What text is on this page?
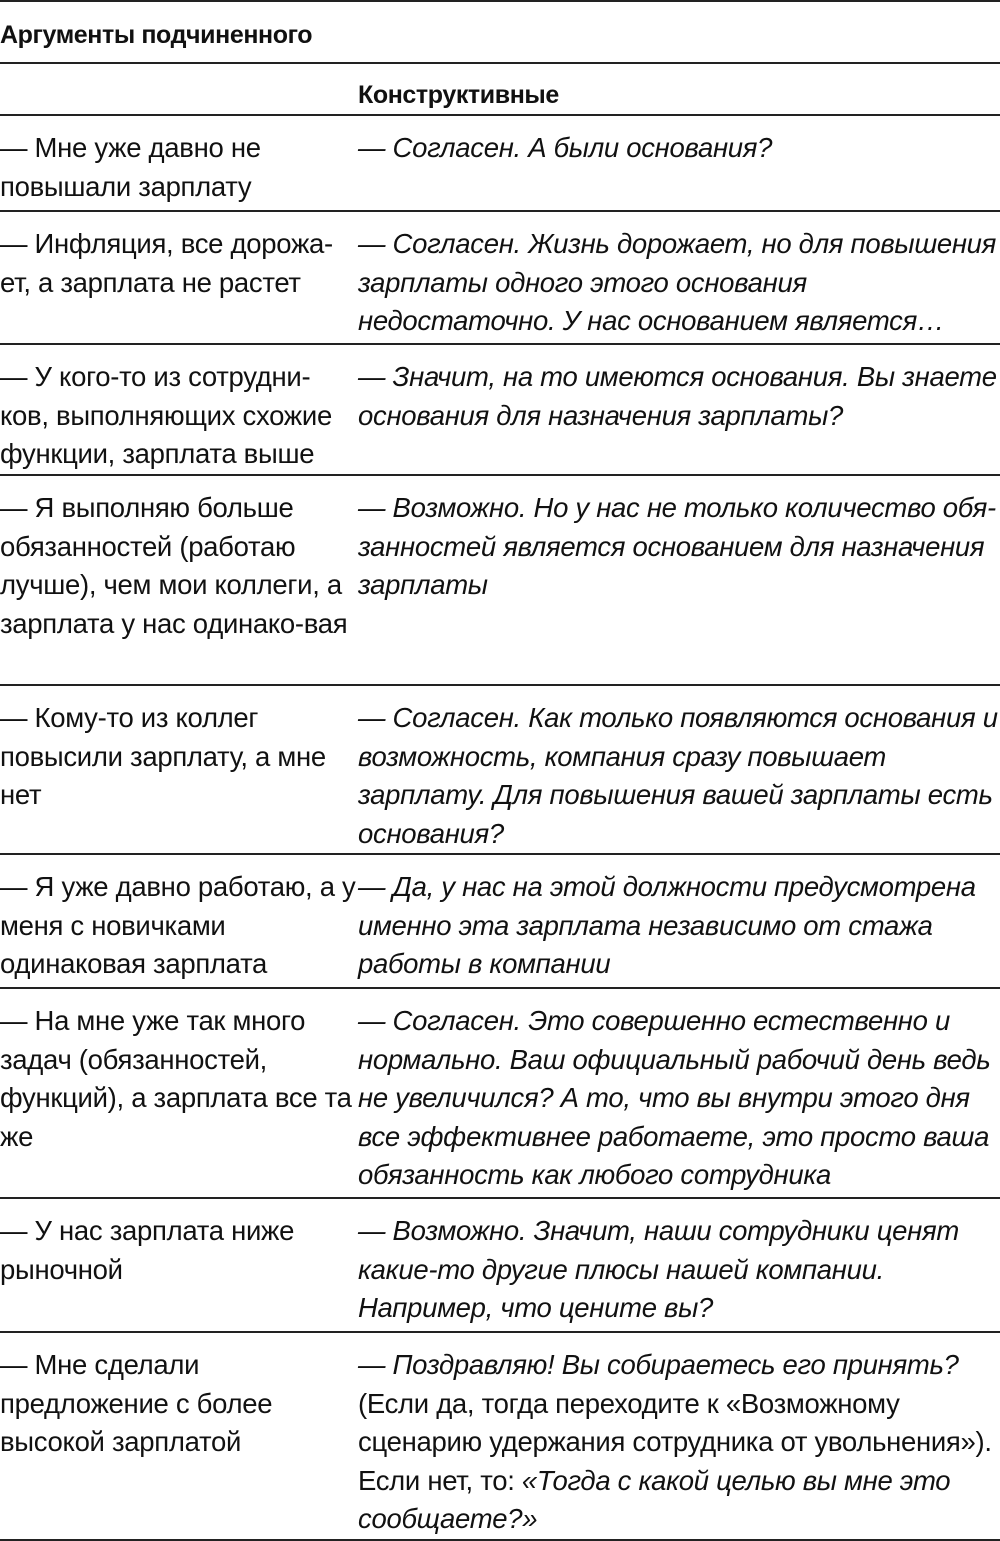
Аргументы подчиненного	
	Конструктивные
— Мне уже давно не повышали зарплату	— Согласен. А были основания?
— Инфляция, все дорожа-ет, а зарплата не растет	— Согласен. Жизнь дорожает, но для повышения зарплаты одного этого основания недостаточно. У нас основанием является…
— У кого-то из сотрудни-ков, выполняющих схожие функции, зарплата выше	— Значит, на то имеются основания. Вы знаете основания для назначения зарплаты?
— Я выполняю больше обязанностей (работаю лучше), чем мои коллеги, а зарплата у нас одинако-вая	— Возможно. Но у нас не только количество обя-занностей является основанием для назначения зарплаты
— Кому-то из коллег повысили зарплату, а мне нет	— Согласен. Как только появляются основания и возможность, компания сразу повышает зарплату. Для повышения вашей зарплаты есть основания?
— Я уже давно работаю, а у меня с новичками одинаковая зарплата	— Да, у нас на этой должности предусмотрена именно эта зарплата независимо от стажа работы в компании
— На мне уже так много задач (обязанностей, функций), а зарплата все та же	— Согласен. Это совершенно естественно и нормально. Ваш официальный рабочий день ведь не увеличился? А то, что вы внутри этого дня все эффективнее работаете, это просто ваша обязанность как любого сотрудника
— У нас зарплата ниже рыночной	— Возможно. Значит, наши сотрудники ценят какие-то другие плюсы нашей компании. Например, что цените вы?
— Мне сделали предложение с более высокой зарплатой	— Поздравляю! Вы собираетесь его принять? (Если да, тогда переходите к «Возможному сценарию удержания сотрудника от увольнения»). Если нет, то: «Тогда с какой целью вы мне это сообщаете?»
